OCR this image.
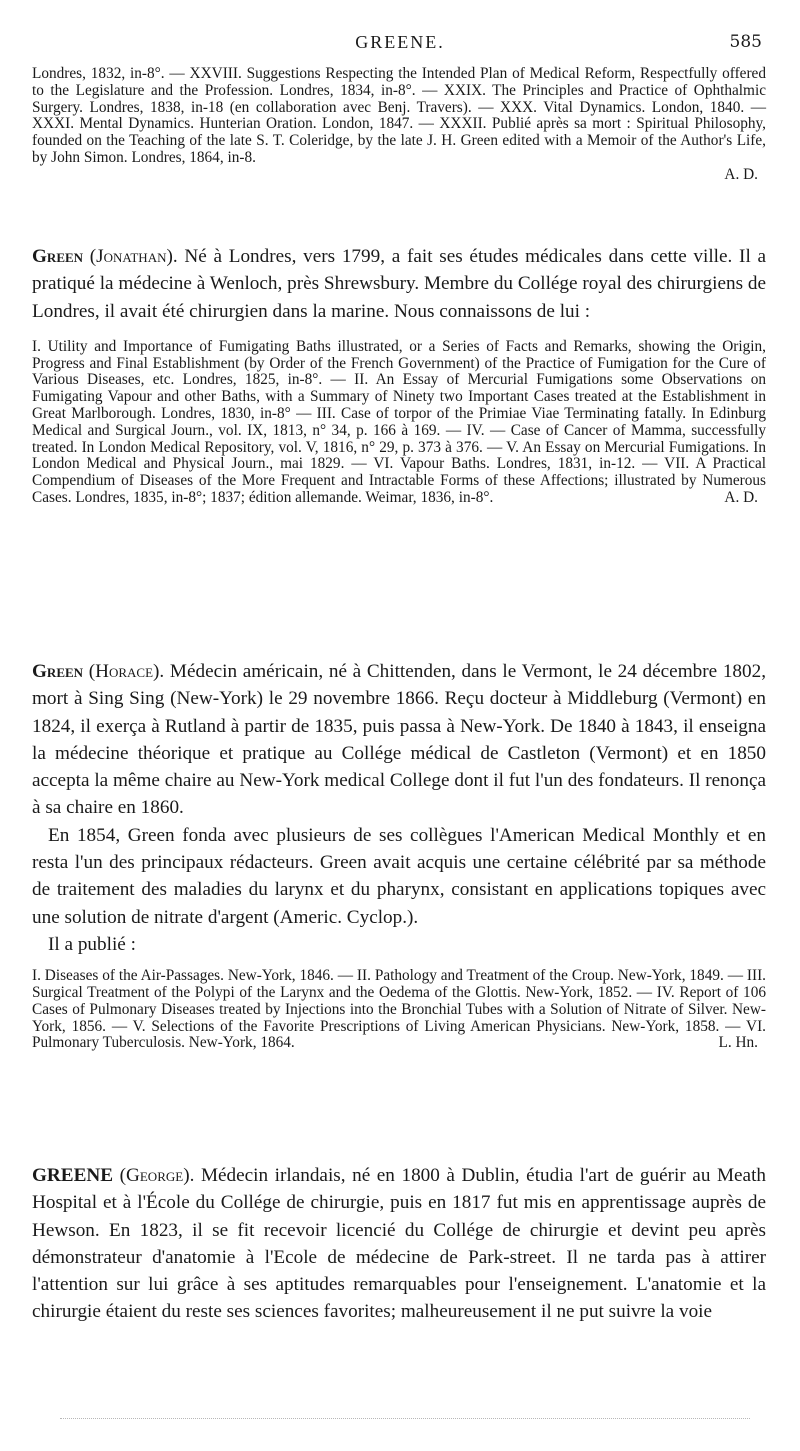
GREENE.	585

Londres, 1832, in-8°. — XXVIII. Suggestions Respecting the Intended Plan of Medical Reform, Respectfully offered to the Legislature and the Profession. Londres, 1834, in-8°. — XXIX. The Principles and Practice of Ophthalmic Surgery. Londres, 1838, in-18 (en collaboration avec Benj. Travers). — XXX. Vital Dynamics. London, 1840. — XXXI. Mental Dynamics. Hunterian Oration. London, 1847. — XXXII. Publié après sa mort : Spiritual Philosophy, founded on the Teaching of the late S. T. Coleridge, by the late J. H. Green edited with a Memoir of the Author's Life, by John Simon. Londres, 1864, in-8.

A. D.

Green (Jonathan). Né à Londres, vers 1799, a fait ses études médicales dans cette ville. Il a pratiqué la médecine à Wenloch, près Shrewsbury. Membre du Collége royal des chirurgiens de Londres, il avait été chirurgien dans la marine. Nous connaissons de lui :

I. Utility and Importance of Fumigating Baths illustrated, or a Series of Facts and Remarks, showing the Origin, Progress and Final Establishment (by Order of the French Government) of the Practice of Fumigation for the Cure of Various Diseases, etc. Londres, 1825, in-8°. — II. An Essay of Mercurial Fumigations some Observations on Fumigating Vapour and other Baths, with a Summary of Ninety two Important Cases treated at the Establishment in Great Marlborough. Londres, 1830, in-8° — III. Case of torpor of the Primiae Viae Terminating fatally. In Edinburg Medical and Surgical Journ., vol. IX, 1813, n° 34, p. 166 à 169. — IV. — Case of Cancer of Mamma, successfully treated. In London Medical Repository, vol. V, 1816, n° 29, p. 373 à 376. — V. An Essay on Mercurial Fumigations. In London Medical and Physical Journ., mai 1829. — VI. Vapour Baths. Londres, 1831, in-12. — VII. A Practical Compendium of Diseases of the More Frequent and Intractable Forms of these Affections; illustrated by Numerous Cases. Londres, 1835, in-8°; 1837; édition allemande. Weimar, 1836, in-8°.	A. D.

Green (Horace). Médecin américain, né à Chittenden, dans le Vermont, le 24 décembre 1802, mort à Sing Sing (New-York) le 29 novembre 1866. Reçu docteur à Middleburg (Vermont) en 1824, il exerça à Rutland à partir de 1835, puis passa à New-York. De 1840 à 1843, il enseigna la médecine théorique et pratique au Collége médical de Castleton (Vermont) et en 1850 accepta la même chaire au New-York medical College dont il fut l'un des fondateurs. Il renonça à sa chaire en 1860.

En 1854, Green fonda avec plusieurs de ses collègues l'American Medical Monthly et en resta l'un des principaux rédacteurs. Green avait acquis une certaine célébrité par sa méthode de traitement des maladies du larynx et du pharynx, consistant en applications topiques avec une solution de nitrate d'argent (Americ. Cyclop.).

Il a publié :

I. Diseases of the Air-Passages. New-York, 1846. — II. Pathology and Treatment of the Croup. New-York, 1849. — III. Surgical Treatment of the Polypi of the Larynx and the Oedema of the Glottis. New-York, 1852. — IV. Report of 106 Cases of Pulmonary Diseases treated by Injections into the Bronchial Tubes with a Solution of Nitrate of Silver. New-York, 1856. — V. Selections of the Favorite Prescriptions of Living American Physicians. New-York, 1858. — VI. Pulmonary Tuberculosis. New-York, 1864.	L. Hn.

GREENE (George). Médecin irlandais, né en 1800 à Dublin, étudia l'art de guérir au Meath Hospital et à l'École du Collége de chirurgie, puis en 1817 fut mis en apprentissage auprès de Hewson. En 1823, il se fit recevoir licencié du Collége de chirurgie et devint peu après démonstrateur d'anatomie à l'Ecole de médecine de Park-street. Il ne tarda pas à attirer l'attention sur lui grâce à ses aptitudes remarquables pour l'enseignement. L'anatomie et la chirurgie étaient du reste ses sciences favorites; malheureusement il ne put suivre la voie
